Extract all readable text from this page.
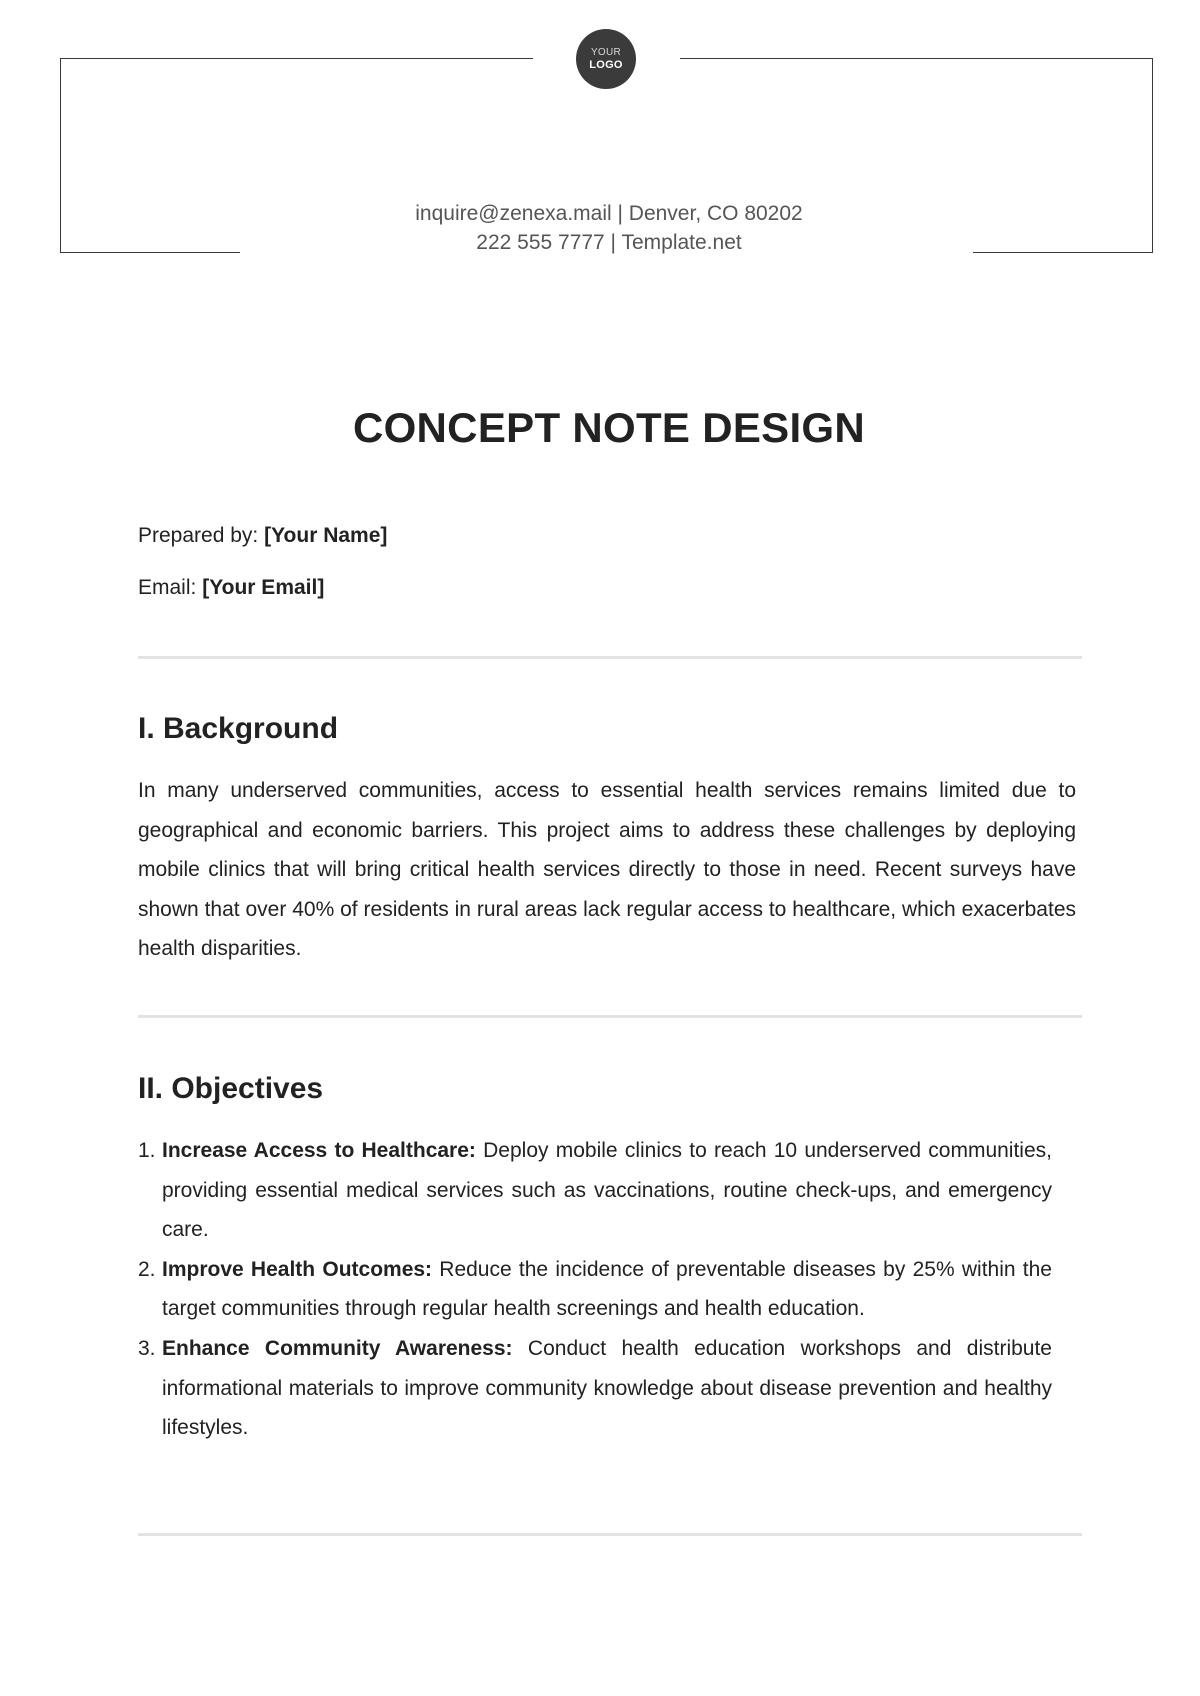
YOUR
LOGO
inquire@zenexa.mail | Denver, CO 80202
222 555 7777 | Template.net
CONCEPT NOTE DESIGN
Prepared by: [Your Name]
Email: [Your Email]
I. Background
In many underserved communities, access to essential health services remains limited due to geographical and economic barriers. This project aims to address these challenges by deploying mobile clinics that will bring critical health services directly to those in need. Recent surveys have shown that over 40% of residents in rural areas lack regular access to healthcare, which exacerbates health disparities.
II. Objectives
1. Increase Access to Healthcare: Deploy mobile clinics to reach 10 underserved communities, providing essential medical services such as vaccinations, routine check-ups, and emergency care.
2. Improve Health Outcomes: Reduce the incidence of preventable diseases by 25% within the target communities through regular health screenings and health education.
3. Enhance Community Awareness: Conduct health education workshops and distribute informational materials to improve community knowledge about disease prevention and healthy lifestyles.
